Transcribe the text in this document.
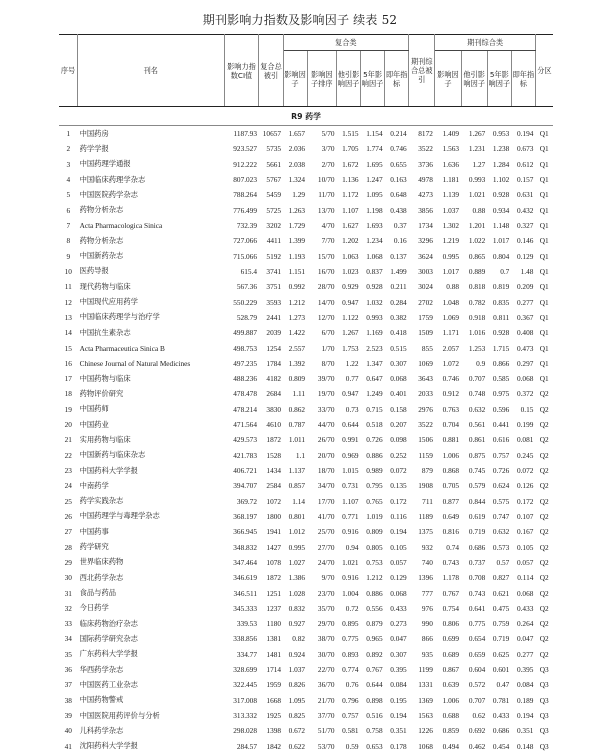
期刊影响力指数及影响因子 续表 52
序号	刊名	影响力指数CI值	复合总被引	复合类					期刊综合总被引	期刊综合类				分区
				影响因子	影响因子排序	他引影响因子	5年影响因子	即年指标		影响因子	他引影响因子	5年影响因子	即年指标	
R9 药学														
1	中国药房	1187.93	10657	1.657	5/70	1.515	1.154	0.214	8172	1.409	1.267	0.953	0.194	Q1
2	药学学报	923.527	5735	2.036	3/70	1.705	1.774	0.746	3522	1.563	1.231	1.238	0.673	Q1
3	中国药理学通报	912.222	5661	2.038	2/70	1.672	1.695	0.655	3736	1.636	1.27	1.284	0.612	Q1
4	中国临床药理学杂志	807.023	5767	1.324	10/70	1.136	1.247	0.163	4978	1.181	0.993	1.102	0.157	Q1
5	中国医院药学杂志	788.264	5459	1.29	11/70	1.172	1.095	0.648	4273	1.139	1.021	0.928	0.631	Q1
6	药物分析杂志	776.499	5725	1.263	13/70	1.107	1.198	0.438	3856	1.037	0.88	0.934	0.432	Q1
7	Acta Pharmacologica Sinica	732.39	3202	1.729	4/70	1.627	1.693	0.37	1734	1.302	1.201	1.148	0.327	Q1
8	药物分析杂志	727.066	4411	1.399	7/70	1.202	1.234	0.16	3296	1.219	1.022	1.017	0.146	Q1
9	中国新药杂志	715.066	5192	1.193	15/70	1.063	1.068	0.137	3624	0.995	0.865	0.804	0.129	Q1
10	医药导报	615.4	3741	1.151	16/70	1.023	0.837	1.499	3003	1.017	0.889	0.7	1.48	Q1
11	现代药物与临床	567.36	3751	0.992	28/70	0.929	0.928	0.211	3024	0.88	0.818	0.819	0.209	Q1
12	中国现代应用药学	550.229	3593	1.212	14/70	0.947	1.032	0.284	2702	1.048	0.782	0.835	0.277	Q1
13	中国临床药理学与治疗学	528.79	2441	1.273	12/70	1.122	0.993	0.382	1759	1.069	0.918	0.811	0.367	Q1
14	中国抗生素杂志	499.887	2039	1.422	6/70	1.267	1.169	0.418	1509	1.171	1.016	0.928	0.408	Q1
15	Acta Pharmaceutica Sinica B	498.753	1254	2.557	1/70	1.753	2.523	0.515	855	2.057	1.253	1.715	0.473	Q1
16	Chinese Journal of Natural Medicines	497.235	1784	1.392	8/70	1.22	1.347	0.307	1069	1.072	0.9	0.866	0.297	Q1
17	中国药物与临床	488.236	4182	0.809	39/70	0.77	0.647	0.068	3643	0.746	0.707	0.585	0.068	Q1
18	药物评价研究	478.478	2684	1.11	19/70	0.947	1.249	0.401	2033	0.912	0.748	0.975	0.372	Q2
19	中国药师	478.214	3830	0.862	33/70	0.73	0.715	0.158	2976	0.763	0.632	0.596	0.15	Q2
20	中国药业	471.564	4610	0.787	44/70	0.644	0.518	0.207	3522	0.704	0.561	0.441	0.199	Q2
21	实用药物与临床	429.573	1872	1.011	26/70	0.991	0.726	0.098	1506	0.881	0.861	0.616	0.081	Q2
22	中国新药与临床杂志	421.783	1528	1.1	20/70	0.969	0.886	0.252	1159	1.006	0.875	0.757	0.245	Q2
23	中国药科大学学报	406.721	1434	1.137	18/70	1.015	0.989	0.072	879	0.868	0.745	0.726	0.072	Q2
24	中南药学	394.707	2584	0.857	34/70	0.731	0.795	0.135	1908	0.705	0.579	0.624	0.126	Q2
25	药学实践杂志	369.72	1072	1.14	17/70	1.107	0.765	0.172	711	0.877	0.844	0.575	0.172	Q2
26	中国药理学与毒理学杂志	368.197	1800	0.801	41/70	0.771	1.019	0.116	1189	0.649	0.619	0.747	0.107	Q2
27	中国药事	366.945	1941	1.012	25/70	0.916	0.809	0.194	1375	0.816	0.719	0.632	0.167	Q2
28	药学研究	348.832	1427	0.995	27/70	0.94	0.805	0.105	932	0.74	0.686	0.573	0.105	Q2
29	世界临床药物	347.464	1078	1.027	24/70	1.021	0.753	0.057	740	0.743	0.737	0.57	0.057	Q2
30	西北药学杂志	346.619	1872	1.386	9/70	0.916	1.212	0.129	1396	1.178	0.708	0.827	0.114	Q2
31	食品与药品	346.511	1251	1.028	23/70	1.004	0.886	0.068	777	0.767	0.743	0.621	0.068	Q2
32	今日药学	345.333	1237	0.832	35/70	0.72	0.556	0.433	976	0.754	0.641	0.475	0.433	Q2
33	临床药物治疗杂志	339.53	1180	0.927	29/70	0.895	0.879	0.273	990	0.806	0.775	0.759	0.264	Q2
34	国际药学研究杂志	338.856	1381	0.82	38/70	0.775	0.965	0.047	866	0.699	0.654	0.719	0.047	Q2
35	广东药科大学学报	334.77	1481	0.924	30/70	0.893	0.892	0.307	935	0.689	0.659	0.625	0.277	Q2
36	华西药学杂志	328.699	1714	1.037	22/70	0.774	0.767	0.395	1199	0.867	0.604	0.601	0.395	Q3
37	中国医药工业杂志	322.445	1959	0.826	36/70	0.76	0.644	0.084	1331	0.639	0.572	0.47	0.084	Q3
38	中国药物警戒	317.008	1668	1.095	21/70	0.796	0.898	0.195	1369	1.006	0.707	0.781	0.189	Q3
39	中国医院用药评价与分析	313.332	1925	0.825	37/70	0.757	0.516	0.194	1563	0.688	0.62	0.433	0.194	Q3
40	儿科药学杂志	298.028	1398	0.672	51/70	0.581	0.758	0.351	1226	0.859	0.692	0.686	0.351	Q3
41	沈阳药科大学学报	284.57	1842	0.622	53/70	0.59	0.653	0.178	1068	0.494	0.462	0.454	0.148	Q3
